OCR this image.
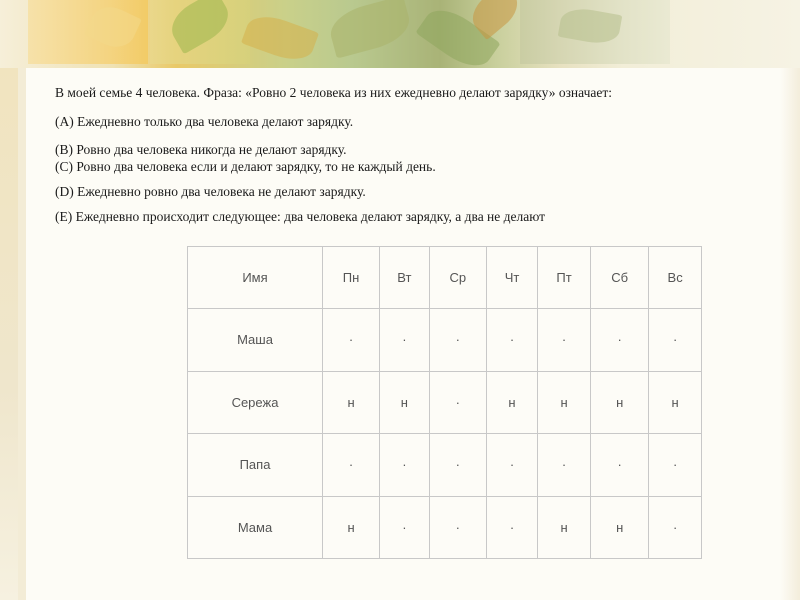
В моей семье 4 человека. Фраза: «Ровно 2 человека из них ежедневно делают зарядку» означает:

(A) Ежедневно только два человека делают зарядку.

(B) Ровно два человека никогда не делают зарядку.

(C) Ровно два человека если и делают зарядку, то не каждый день.

(D) Ежедневно ровно два человека не делают зарядку.

(E) Ежедневно происходит следующее: два человека делают зарядку, а два не делают

Имя	Пн	Вт	Ср	Чт	Пт	Сб	Вс
Маша	·	·	·	·	·	·	·
Сережа	н	н	·	н	н	н	н
Папа	·	·	·	·	·	·	·
Мама	н	·	·	·	н	н	·
